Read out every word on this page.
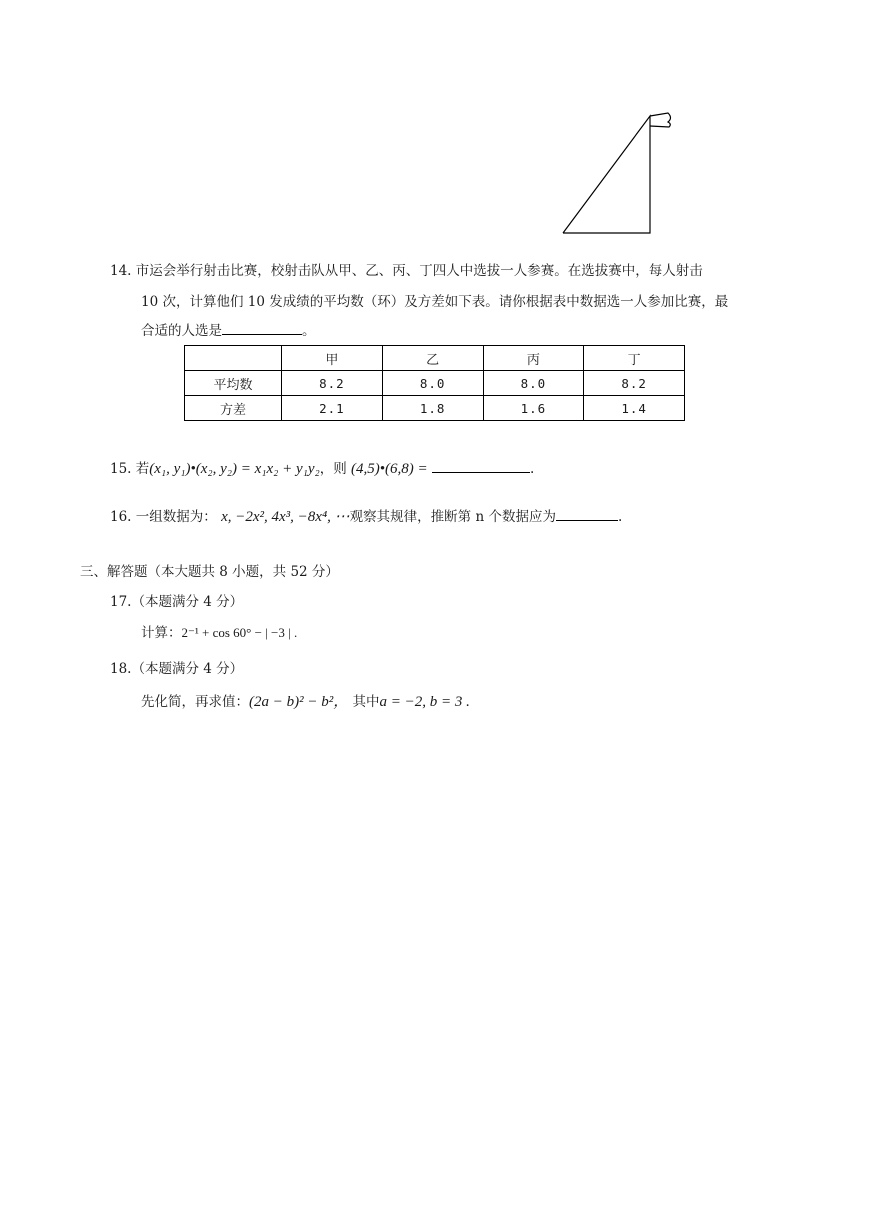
14. 市运会举行射击比赛，校射击队从甲、乙、丙、丁四人中选拔一人参赛。在选拔赛中，每人射击
10 次，计算他们 10 发成绩的平均数（环）及方差如下表。请你根据表中数据选一人参加比赛，最
合适的人选是	。
	甲	乙	丙	丁
平均数	8.2	8.0	8.0	8.2
方差	2.1	1.8	1.6	1.4
15. 若(x₁, y₁)•(x₂, y₂) = x₁x₂ + y₁y₂，则 (4,5)•(6,8) =	.
16. 一组数据为： x, −2x², 4x³, −8x⁴, ⋯观察其规律，推断第 n 个数据应为	.
三、解答题（本大题共 8 小题，共 52 分）
17.（本题满分 4 分）
计算：2⁻¹ + cos 60° − | −3 | .
18.（本题满分 4 分）
先化简，再求值：(2a − b)² − b²， 其中a = −2, b = 3 .
